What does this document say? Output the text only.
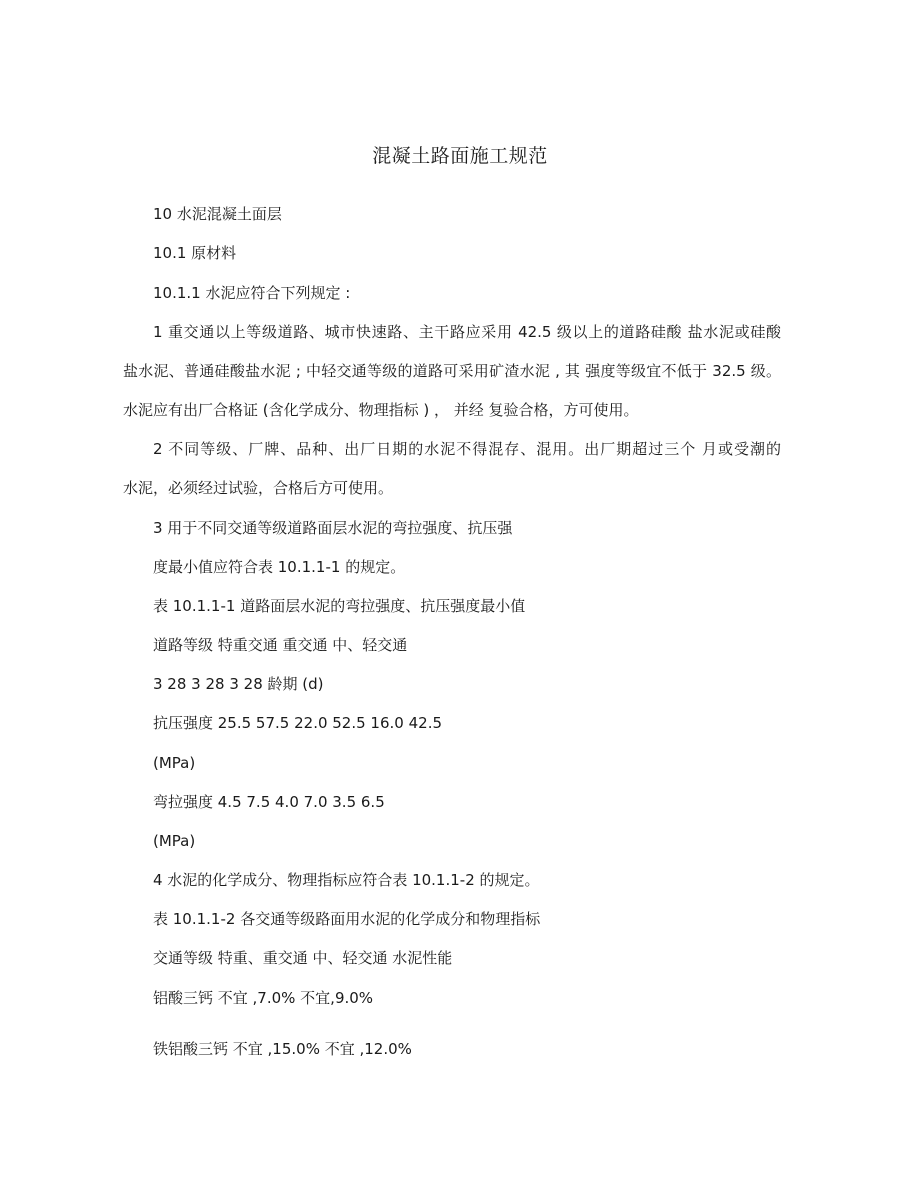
混凝土路面施工规范
10 水泥混凝土面层
10.1 原材料
10.1.1 水泥应符合下列规定 :
1 重交通以上等级道路、城市快速路、主干路应采用 42.5 级以上的道路硅酸 盐水泥或硅酸
盐水泥、普通硅酸盐水泥 ; 中轻交通等级的道路可采用矿渣水泥 , 其 强度等级宜不低于 32.5 级。
水泥应有出厂合格证 (含化学成分、物理指标 ) ， 并经 复验合格，方可使用。
2 不同等级、厂牌、品种、出厂日期的水泥不得混存、混用。出厂期超过三个 月或受潮的
水泥，必须经过试验，合格后方可使用。
3 用于不同交通等级道路面层水泥的弯拉强度、抗压强
度最小值应符合表 10.1.1-1 的规定。
表 10.1.1-1 道路面层水泥的弯拉强度、抗压强度最小值
道路等级 特重交通 重交通 中、轻交通
3 28 3 28 3 28 龄期 (d)
抗压强度 25.5 57.5 22.0 52.5 16.0 42.5
(MPa)
弯拉强度 4.5 7.5 4.0 7.0 3.5 6.5
(MPa)
4 水泥的化学成分、物理指标应符合表 10.1.1-2 的规定。
表 10.1.1-2 各交通等级路面用水泥的化学成分和物理指标
交通等级 特重、重交通 中、轻交通 水泥性能
铝酸三钙 不宜 ,7.0% 不宜,9.0%
铁铝酸三钙 不宜 ,15.0% 不宜 ,12.0%
